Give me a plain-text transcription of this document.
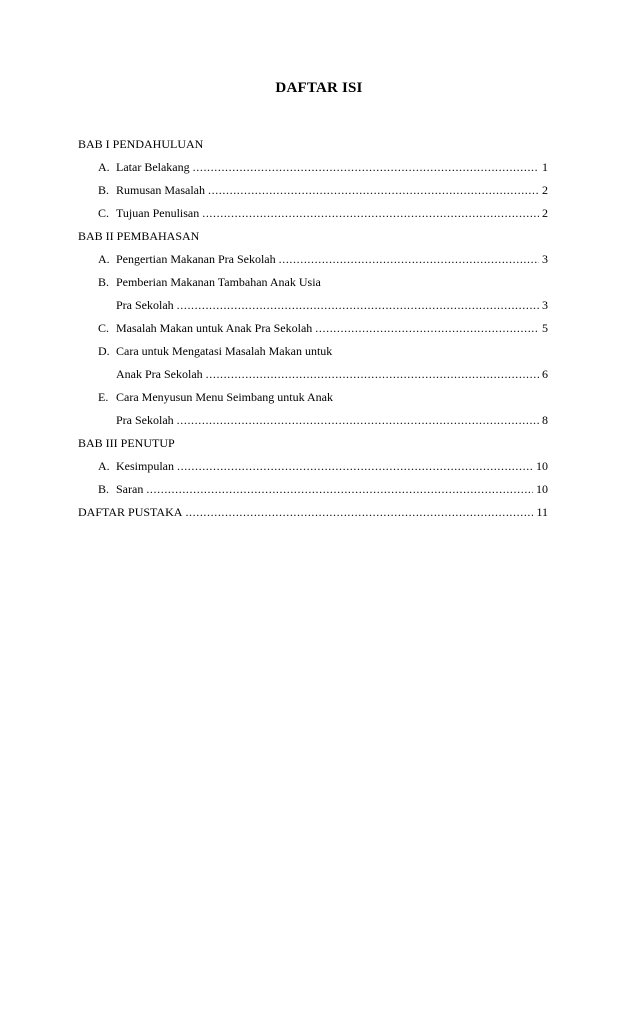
DAFTAR ISI
BAB I PENDAHULUAN
A. Latar Belakang .....	1
B. Rumusan Masalah .....	2
C. Tujuan Penulisan .....	2
BAB II PEMBAHASAN
A. Pengertian Makanan Pra Sekolah .....	3
B. Pemberian Makanan Tambahan Anak Usia
Pra Sekolah .....	3
C. Masalah Makan untuk Anak Pra Sekolah .....	5
D. Cara untuk Mengatasi Masalah Makan untuk
Anak Pra Sekolah .....	6
E. Cara Menyusun Menu Seimbang untuk Anak
Pra Sekolah .....	8
BAB III PENUTUP
A. Kesimpulan .....	10
B. Saran .....	10
DAFTAR PUSTAKA .....	11
